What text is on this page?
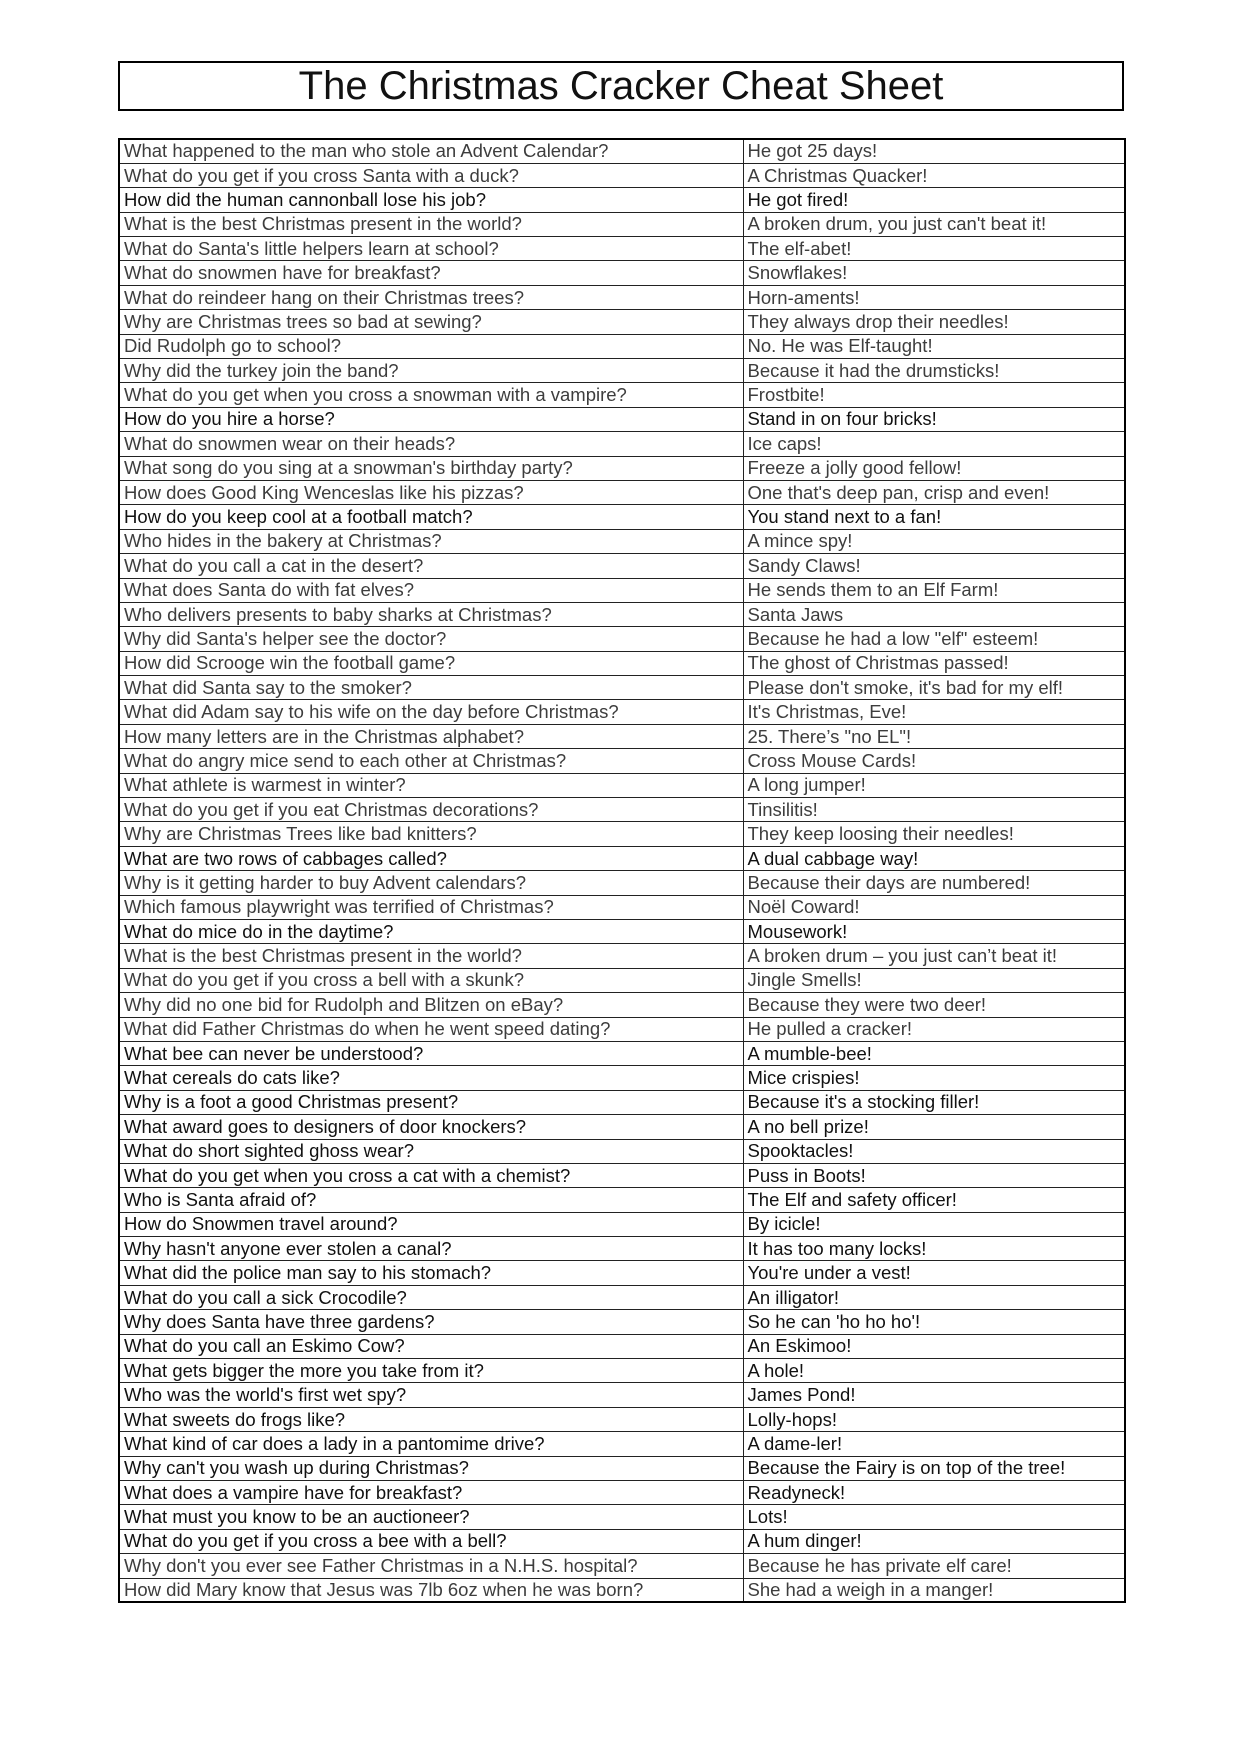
The Christmas Cracker Cheat Sheet
What happened to the man who stole an Advent Calendar?	He got 25 days!
What do you get if you cross Santa with a duck?	A Christmas Quacker!
How did the human cannonball lose his job?	He got fired!
What is the best Christmas present in the world?	A broken drum, you just can't beat it!
What do Santa's little helpers learn at school?	The elf-abet!
What do snowmen have for breakfast?	Snowflakes!
What do reindeer hang on their Christmas trees?	Horn-aments!
Why are Christmas trees so bad at sewing?	They always drop their needles!
Did Rudolph go to school?	No. He was Elf-taught!
Why did the turkey join the band?	Because it had the drumsticks!
What do you get when you cross a snowman with a vampire?	Frostbite!
How do you hire a horse?	Stand in on four bricks!
What do snowmen wear on their heads?	Ice caps!
What song do you sing at a snowman's birthday party?	Freeze a jolly good fellow!
How does Good King Wenceslas like his pizzas?	One that's deep pan, crisp and even!
How do you keep cool at a football match?	You stand next to a fan!
Who hides in the bakery at Christmas?	A mince spy!
What do you call a cat in the desert?	Sandy Claws!
What does Santa do with fat elves?	He sends them to an Elf Farm!
Who delivers presents to baby sharks at Christmas?	Santa Jaws
Why did Santa's helper see the doctor?	Because he had a low "elf" esteem!
How did Scrooge win the football game?	The ghost of Christmas passed!
What did Santa say to the smoker?	Please don't smoke, it's bad for my elf!
What did Adam say to his wife on the day before Christmas?	It's Christmas, Eve!
How many letters are in the Christmas alphabet?	25. There’s "no EL"!
What do angry mice send to each other at Christmas?	Cross Mouse Cards!
What athlete is warmest in winter?	A long jumper!
What do you get if you eat Christmas decorations?	Tinsilitis!
Why are Christmas Trees like bad knitters?	They keep loosing their needles!
What are two rows of cabbages called?	A dual cabbage way!
Why is it getting harder to buy Advent calendars?	Because their days are numbered!
Which famous playwright was terrified of Christmas?	Noël Coward!
What do mice do in the daytime?	Mousework!
What is the best Christmas present in the world?	A broken drum – you just can’t beat it!
What do you get if you cross a bell with a skunk?	Jingle Smells!
Why did no one bid for Rudolph and Blitzen on eBay?	Because they were two deer!
What did Father Christmas do when he went speed dating?	He pulled a cracker!
What bee can never be understood?	A mumble-bee!
What cereals do cats like?	Mice crispies!
Why is a foot a good Christmas present?	Because it's a stocking filler!
What award goes to designers of door knockers?	A no bell prize!
What do short sighted ghoss wear?	Spooktacles!
What do you get when you cross a cat with a chemist?	Puss in Boots!
Who is Santa afraid of?	The Elf and safety officer!
How do Snowmen travel around?	By icicle!
Why hasn't anyone ever stolen a canal?	It has too many locks!
What did the police man say to his stomach?	You're under a vest!
What do you call a sick Crocodile?	An illigator!
Why does Santa have three gardens?	So he can 'ho ho ho'!
What do you call an Eskimo Cow?	An Eskimoo!
What gets bigger the more you take from it?	A hole!
Who was the world's first wet spy?	James Pond!
What sweets do frogs like?	Lolly-hops!
What kind of car does a lady in a pantomime drive?	A dame-ler!
Why can't you wash up during Christmas?	Because the Fairy is on top of the tree!
What does a vampire have for breakfast?	Readyneck!
What must you know to be an auctioneer?	Lots!
What do you get if you cross a bee with a bell?	A hum dinger!
Why don't you ever see Father Christmas in a N.H.S. hospital?	Because he has private elf care!
How did Mary know that Jesus was 7lb 6oz when he was born?	She had a weigh in a manger!
